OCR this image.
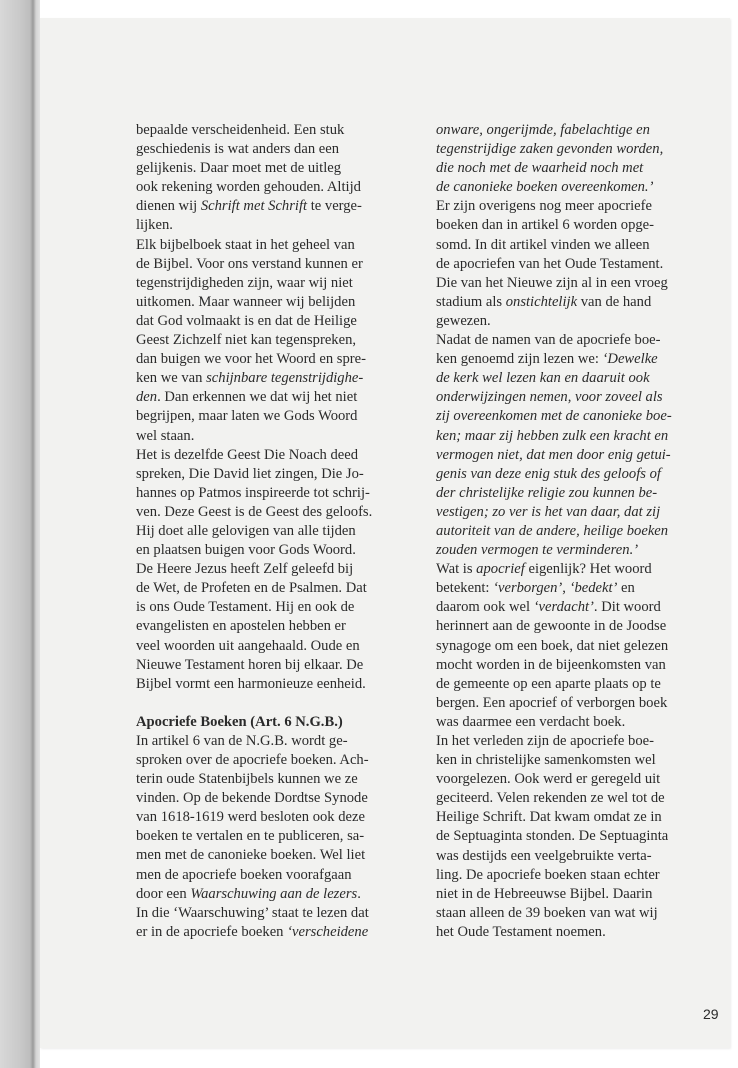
bepaalde verscheidenheid. Een stuk
geschiedenis is wat anders dan een
gelijkenis. Daar moet met de uitleg
ook rekening worden gehouden. Altijd
dienen wij Schrift met Schrift te verge-
lijken.
Elk bijbelboek staat in het geheel van
de Bijbel. Voor ons verstand kunnen er
tegenstrijdigheden zijn, waar wij niet
uitkomen. Maar wanneer wij belijden
dat God volmaakt is en dat de Heilige
Geest Zichzelf niet kan tegenspreken,
dan buigen we voor het Woord en spre-
ken we van schijnbare tegenstrijdighe-
den. Dan erkennen we dat wij het niet
begrijpen, maar laten we Gods Woord
wel staan.
Het is dezelfde Geest Die Noach deed
spreken, Die David liet zingen, Die Jo-
hannes op Patmos inspireerde tot schrij-
ven. Deze Geest is de Geest des geloofs.
Hij doet alle gelovigen van alle tijden
en plaatsen buigen voor Gods Woord.
De Heere Jezus heeft Zelf geleefd bij
de Wet, de Profeten en de Psalmen. Dat
is ons Oude Testament. Hij en ook de
evangelisten en apostelen hebben er
veel woorden uit aangehaald. Oude en
Nieuwe Testament horen bij elkaar. De
Bijbel vormt een harmonieuze eenheid.
Apocriefe Boeken (Art. 6 N.G.B.)
In artikel 6 van de N.G.B. wordt ge-
sproken over de apocriefe boeken. Ach-
terin oude Statenbijbels kunnen we ze
vinden. Op de bekende Dordtse Synode
van 1618-1619 werd besloten ook deze
boeken te vertalen en te publiceren, sa-
men met de canonieke boeken. Wel liet
men de apocriefe boeken voorafgaan
door een Waarschuwing aan de lezers.
In die ‘Waarschuwing’ staat te lezen dat
er in de apocriefe boeken ‘verscheidene
onware, ongerijmde, fabelachtige en
tegenstrijdige zaken gevonden worden,
die noch met de waarheid noch met
de canonieke boeken overeenkomen.’
Er zijn overigens nog meer apocriefe
boeken dan in artikel 6 worden opge-
somd. In dit artikel vinden we alleen
de apocriefen van het Oude Testament.
Die van het Nieuwe zijn al in een vroeg
stadium als onstichtelijk van de hand
gewezen.
Nadat de namen van de apocriefe boe-
ken genoemd zijn lezen we: ‘Dewelke
de kerk wel lezen kan en daaruit ook
onderwijzingen nemen, voor zoveel als
zij overeenkomen met de canonieke boe-
ken; maar zij hebben zulk een kracht en
vermogen niet, dat men door enig getui-
genis van deze enig stuk des geloofs of
der christelijke religie zou kunnen be-
vestigen; zo ver is het van daar, dat zij
autoriteit van de andere, heilige boeken
zouden vermogen te verminderen.’
Wat is apocrief eigenlijk? Het woord
betekent: ‘verborgen’, ‘bedekt’ en
daarom ook wel ‘verdacht’. Dit woord
herinnert aan de gewoonte in de Joodse
synagoge om een boek, dat niet gelezen
mocht worden in de bijeenkomsten van
de gemeente op een aparte plaats op te
bergen. Een apocrief of verborgen boek
was daarmee een verdacht boek.
In het verleden zijn de apocriefe boe-
ken in christelijke samenkomsten wel
voorgelezen. Ook werd er geregeld uit
geciteerd. Velen rekenden ze wel tot de
Heilige Schrift. Dat kwam omdat ze in
de Septuaginta stonden. De Septuaginta
was destijds een veelgebruikte verta-
ling. De apocriefe boeken staan echter
niet in de Hebreeuwse Bijbel. Daarin
staan alleen de 39 boeken van wat wij
het Oude Testament noemen.
29
